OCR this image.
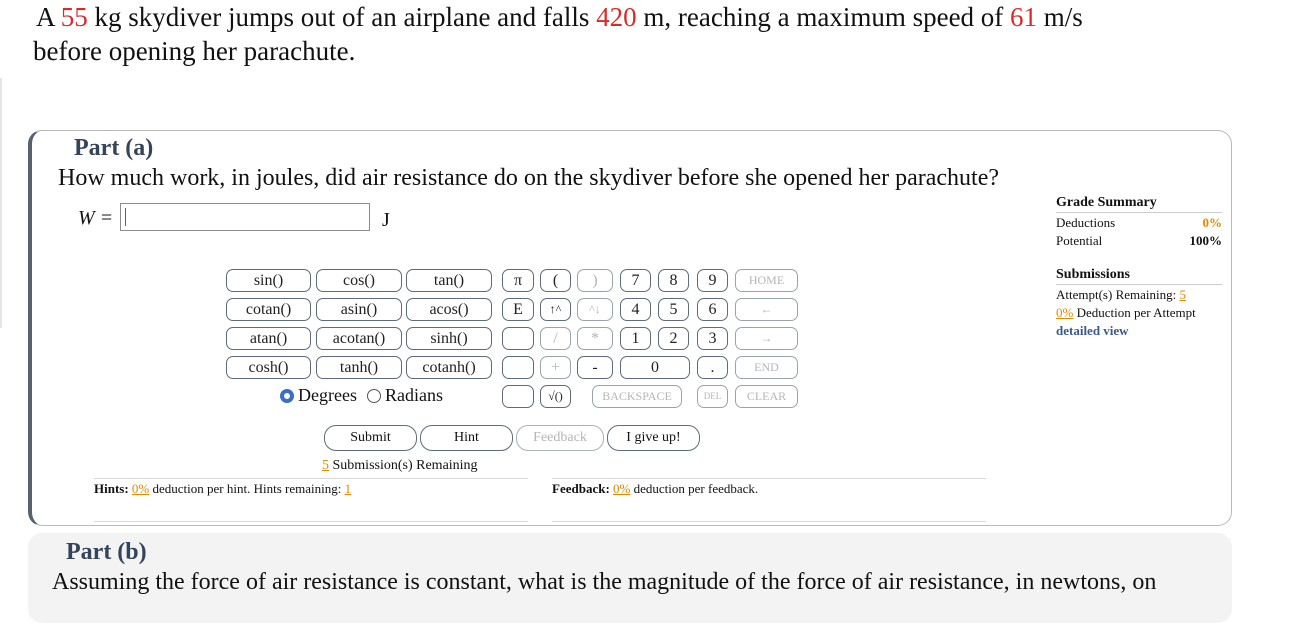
A 55 kg skydiver jumps out of an airplane and falls 420 m, reaching a maximum speed of 61 m/s
before opening her parachute.
Part (a)
How much work, in joules, did air resistance do on the skydiver before she opened her parachute?
W =	J
Grade Summary
Deductions	0%
Potential	100%
Submissions
Attempt(s) Remaining: 5
0% Deduction per Attempt
detailed view
sin()	cos()	tan()
cotan()	asin()	acos()
atan()	acotan()	sinh()
cosh()	tanh()	cotanh()
π	(	)
E	↑^	^↓
/	*
+	-
√()
7	8	9
4	5	6
1	2	3
0	.
HOME
←
→
END
BACKSPACE	DEL	CLEAR
Degrees Radians
Submit	Hint	Feedback	I give up!
5 Submission(s) Remaining
Hints: 0% deduction per hint. Hints remaining: 1	Feedback: 0% deduction per feedback.
Part (b)
Assuming the force of air resistance is constant, what is the magnitude of the force of air resistance, in newtons, on
